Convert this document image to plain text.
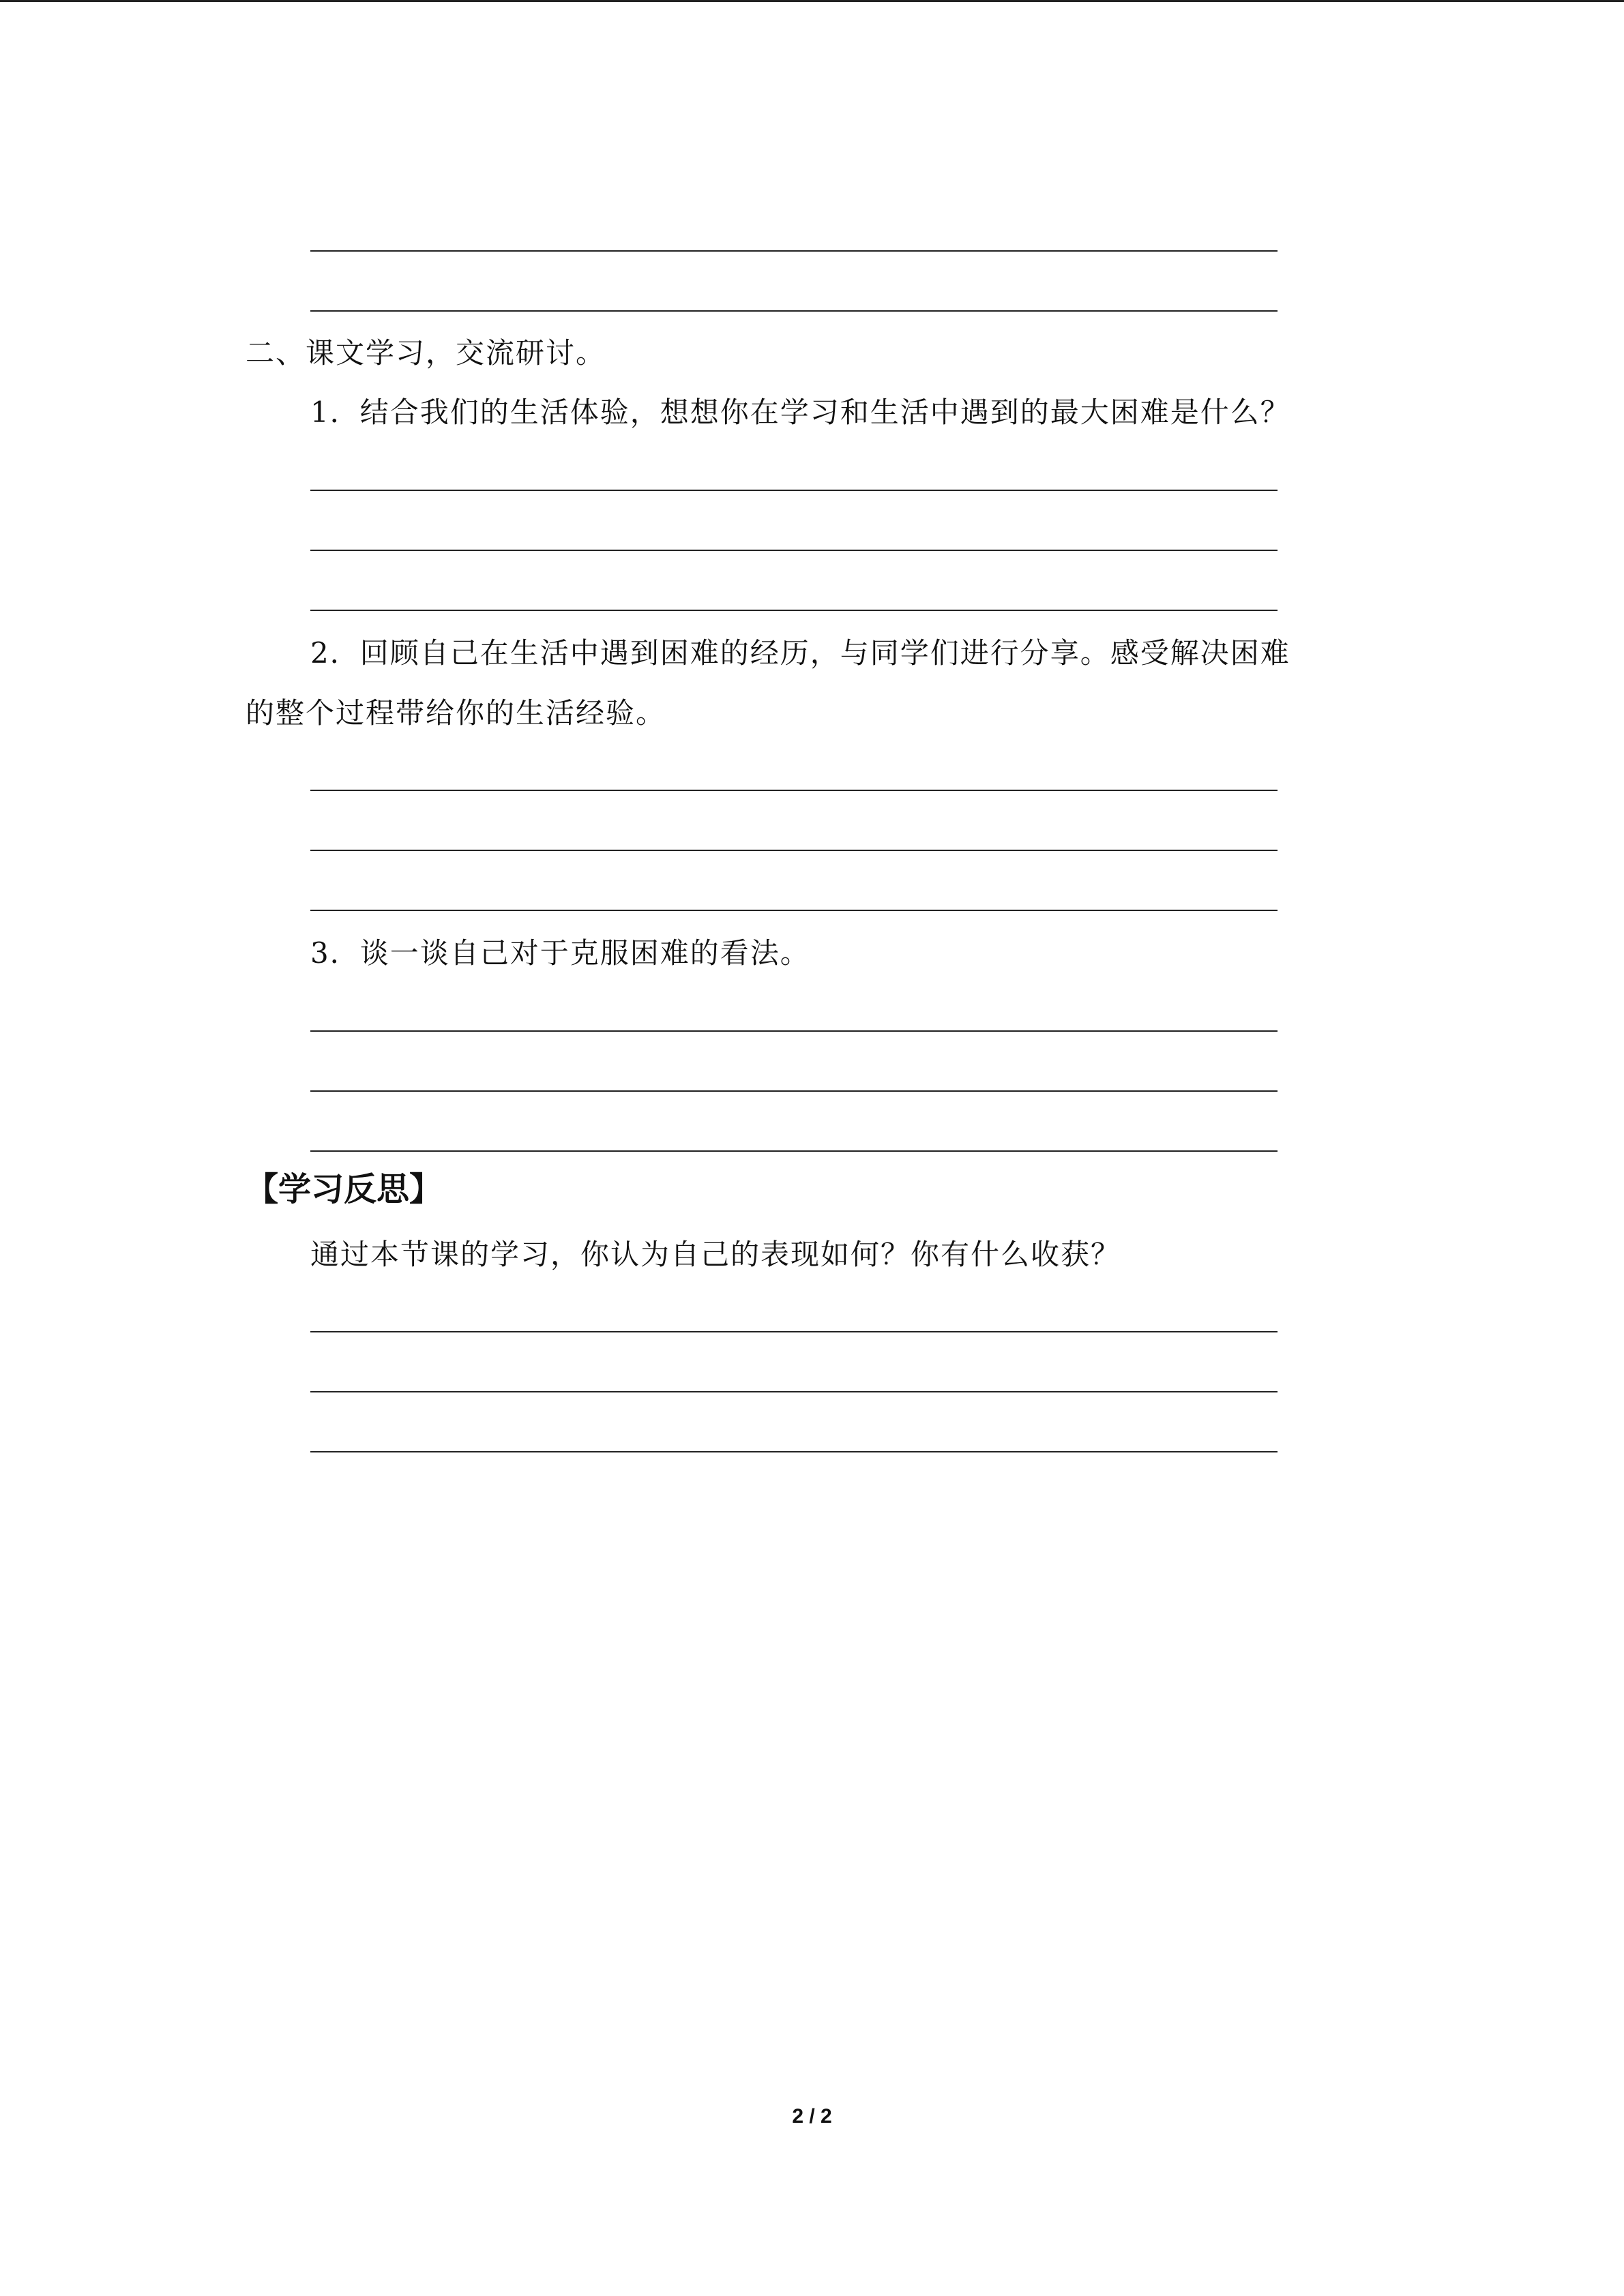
二、课文学习，交流研讨。
1．结合我们的生活体验，想想你在学习和生活中遇到的最大困难是什么？
2．回顾自己在生活中遇到困难的经历，与同学们进行分享。感受解决困难
的整个过程带给你的生活经验。
3．谈一谈自己对于克服困难的看法。
【学习反思】
通过本节课的学习，你认为自己的表现如何？你有什么收获？
2 / 2
